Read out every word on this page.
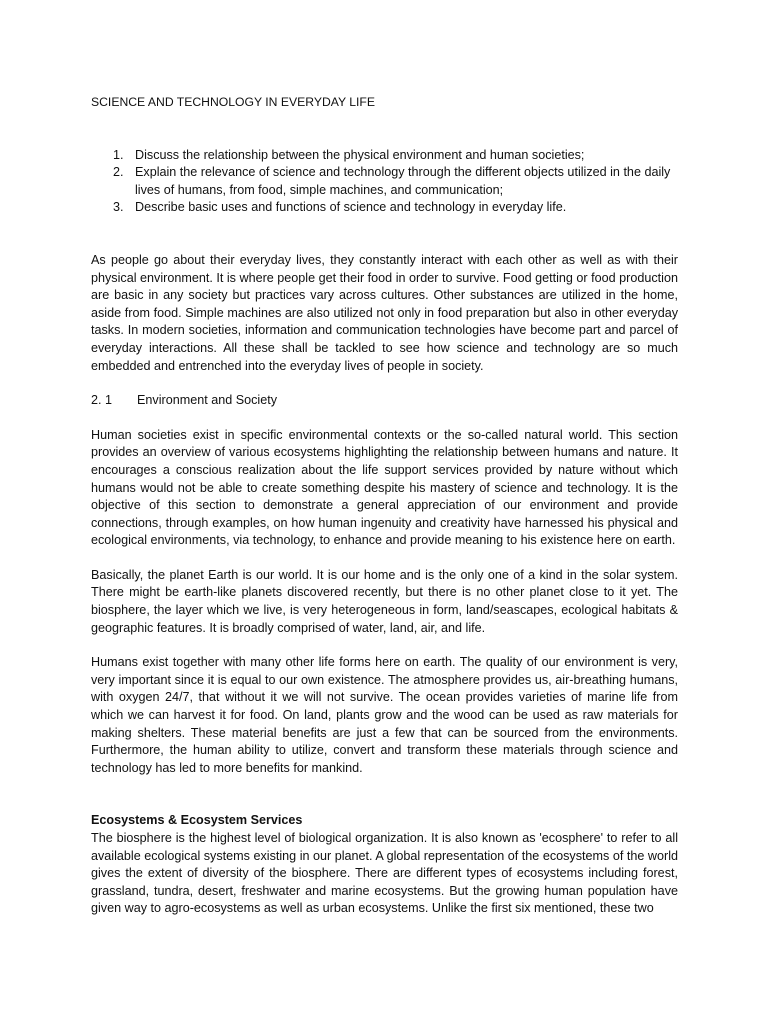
SCIENCE AND TECHNOLOGY IN EVERYDAY LIFE
1. Discuss the relationship between the physical environment and human societies;
2. Explain the relevance of science and technology through the different objects utilized in the daily lives of humans, from food, simple machines, and communication;
3. Describe basic uses and functions of science and technology in everyday life.

As people go about their everyday lives, they constantly interact with each other as well as with their physical environment. It is where people get their food in order to survive. Food getting or food production are basic in any society but practices vary across cultures. Other substances are utilized in the home, aside from food. Simple machines are also utilized not only in food preparation but also in other everyday tasks. In modern societies, information and communication technologies have become part and parcel of everyday interactions. All these shall be tackled to see how science and technology are so much embedded and entrenched into the everyday lives of people in society.

2. 1	Environment and Society

Human societies exist in specific environmental contexts or the so-called natural world. This section provides an overview of various ecosystems highlighting the relationship between humans and nature. It encourages a conscious realization about the life support services provided by nature without which humans would not be able to create something despite his mastery of science and technology. It is the objective of this section to demonstrate a general appreciation of our environment and provide connections, through examples, on how human ingenuity and creativity have harnessed his physical and ecological environments, via technology, to enhance and provide meaning to his existence here on earth.

Basically, the planet Earth is our world. It is our home and is the only one of a kind in the solar system. There might be earth-like planets discovered recently, but there is no other planet close to it yet. The biosphere, the layer which we live, is very heterogeneous in form, land/seascapes, ecological habitats & geographic features. It is broadly comprised of water, land, air, and life.

Humans exist together with many other life forms here on earth. The quality of our environment is very, very important since it is equal to our own existence. The atmosphere provides us, air-breathing humans, with oxygen 24/7, that without it we will not survive. The ocean provides varieties of marine life from which we can harvest it for food. On land, plants grow and the wood can be used as raw materials for making shelters. These material benefits are just a few that can be sourced from the environments. Furthermore, the human ability to utilize, convert and transform these materials through science and technology has led to more benefits for mankind.

Ecosystems & Ecosystem Services

The biosphere is the highest level of biological organization. It is also known as 'ecosphere' to refer to all available ecological systems existing in our planet. A global representation of the ecosystems of the world gives the extent of diversity of the biosphere. There are different types of ecosystems including forest, grassland, tundra, desert, freshwater and marine ecosystems. But the growing human population have given way to agro-ecosystems as well as urban ecosystems. Unlike the first six mentioned, these two
